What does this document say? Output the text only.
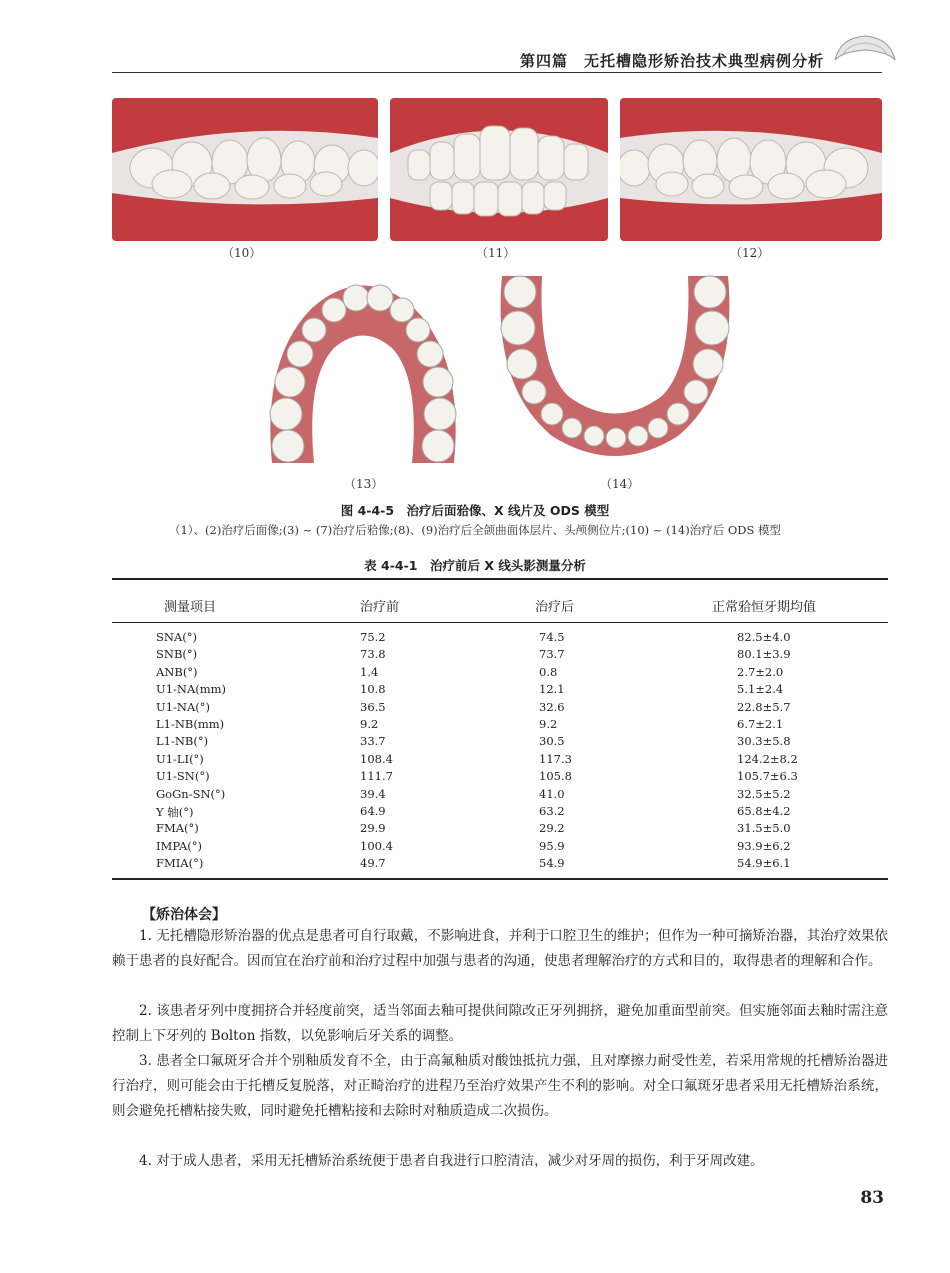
第四篇　无托槽隐形矫治技术典型病例分析
（10）	（11）	（12）
（13）	（14）
图 4-4-5　治疗后面𬌗像、X 线片及 ODS 模型
（1）、(2)治疗后面像;(3) ~ (7)治疗后𬌗像;(8)、(9)治疗后全颌曲面体层片、头颅侧位片;(10) ~ (14)治疗后 ODS 模型
表 4-4-1　治疗前后 X 线头影测量分析
测量项目	治疗前	治疗后	正常𬌗恒牙期均值
SNA(°)	75.2	74.5	82.5±4.0
SNB(°)	73.8	73.7	80.1±3.9
ANB(°)	1.4	0.8	2.7±2.0
U1-NA(mm)	10.8	12.1	5.1±2.4
U1-NA(°)	36.5	32.6	22.8±5.7
L1-NB(mm)	9.2	9.2	6.7±2.1
L1-NB(°)	33.7	30.5	30.3±5.8
U1-LI(°)	108.4	117.3	124.2±8.2
U1-SN(°)	111.7	105.8	105.7±6.3
GoGn-SN(°)	39.4	41.0	32.5±5.2
Y 轴(°)	64.9	63.2	65.8±4.2
FMA(°)	29.9	29.2	31.5±5.0
IMPA(°)	100.4	95.9	93.9±6.2
FMIA(°)	49.7	54.9	54.9±6.1
【矫治体会】
1. 无托槽隐形矫治器的优点是患者可自行取戴，不影响进食，并利于口腔卫生的维护；但作为一种可摘矫治器，其治疗效果依赖于患者的良好配合。因而宜在治疗前和治疗过程中加强与患者的沟通，使患者理解治疗的方式和目的，取得患者的理解和合作。
2. 该患者牙列中度拥挤合并轻度前突，适当邻面去釉可提供间隙改正牙列拥挤，避免加重面型前突。但实施邻面去釉时需注意控制上下牙列的 Bolton 指数，以免影响后牙关系的调整。
3. 患者全口氟斑牙合并个别釉质发育不全，由于高氟釉质对酸蚀抵抗力强，且对摩擦力耐受性差，若采用常规的托槽矫治器进行治疗，则可能会由于托槽反复脱落，对正畸治疗的进程乃至治疗效果产生不利的影响。对全口氟斑牙患者采用无托槽矫治系统，则会避免托槽粘接失败，同时避免托槽粘接和去除时对釉质造成二次损伤。
4. 对于成人患者，采用无托槽矫治系统便于患者自我进行口腔清洁，减少对牙周的损伤，利于牙周改建。
83
